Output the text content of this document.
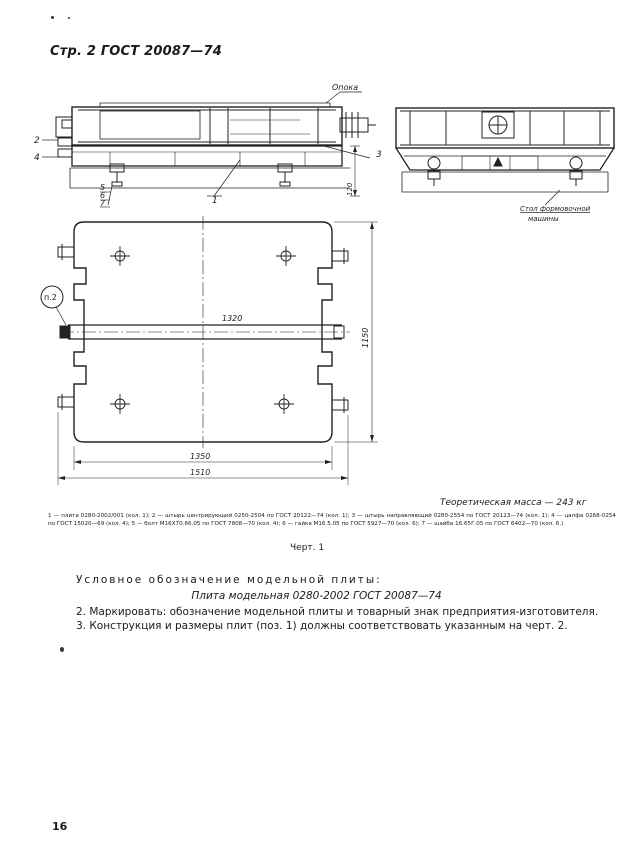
Стр. 2 ГОСТ 20087—74
Опока
Стол формовочной
машины
п.2
1320
1350
1510
1150
120
1
2
3
4
5
6
7
Теоретическая масса — 243 кг
1 — плита 0280-2002/001 (кол. 1); 2 — штырь центрирующий 0250-2504 по ГОСТ 20122—74 (кол. 1); 3 — штырь направляющий 0280-2554 по ГОСТ 20123—74 (кол. 1); 4 — цапфа 0268-0254 по ГОСТ 15020—69 (кол. 4); 5 — болт М16Х70.66.05 по ГОСТ 7808—70 (кол. 4); 6 — гайка М16.5.05 по ГОСТ 5927—70 (кол. 6); 7 — шайба 16.65Г.05 по ГОСТ 6402—70 (кол. 6.)
Черт. 1
Условное обозначение модельной плиты:
Плита модельная 0280-2002 ГОСТ 20087—74
2. Маркировать: обозначение модельной плиты и товарный знак предприятия-изготовителя.
3. Конструкция и размеры плит (поз. 1) должны соответствовать указанным на черт. 2.
16
